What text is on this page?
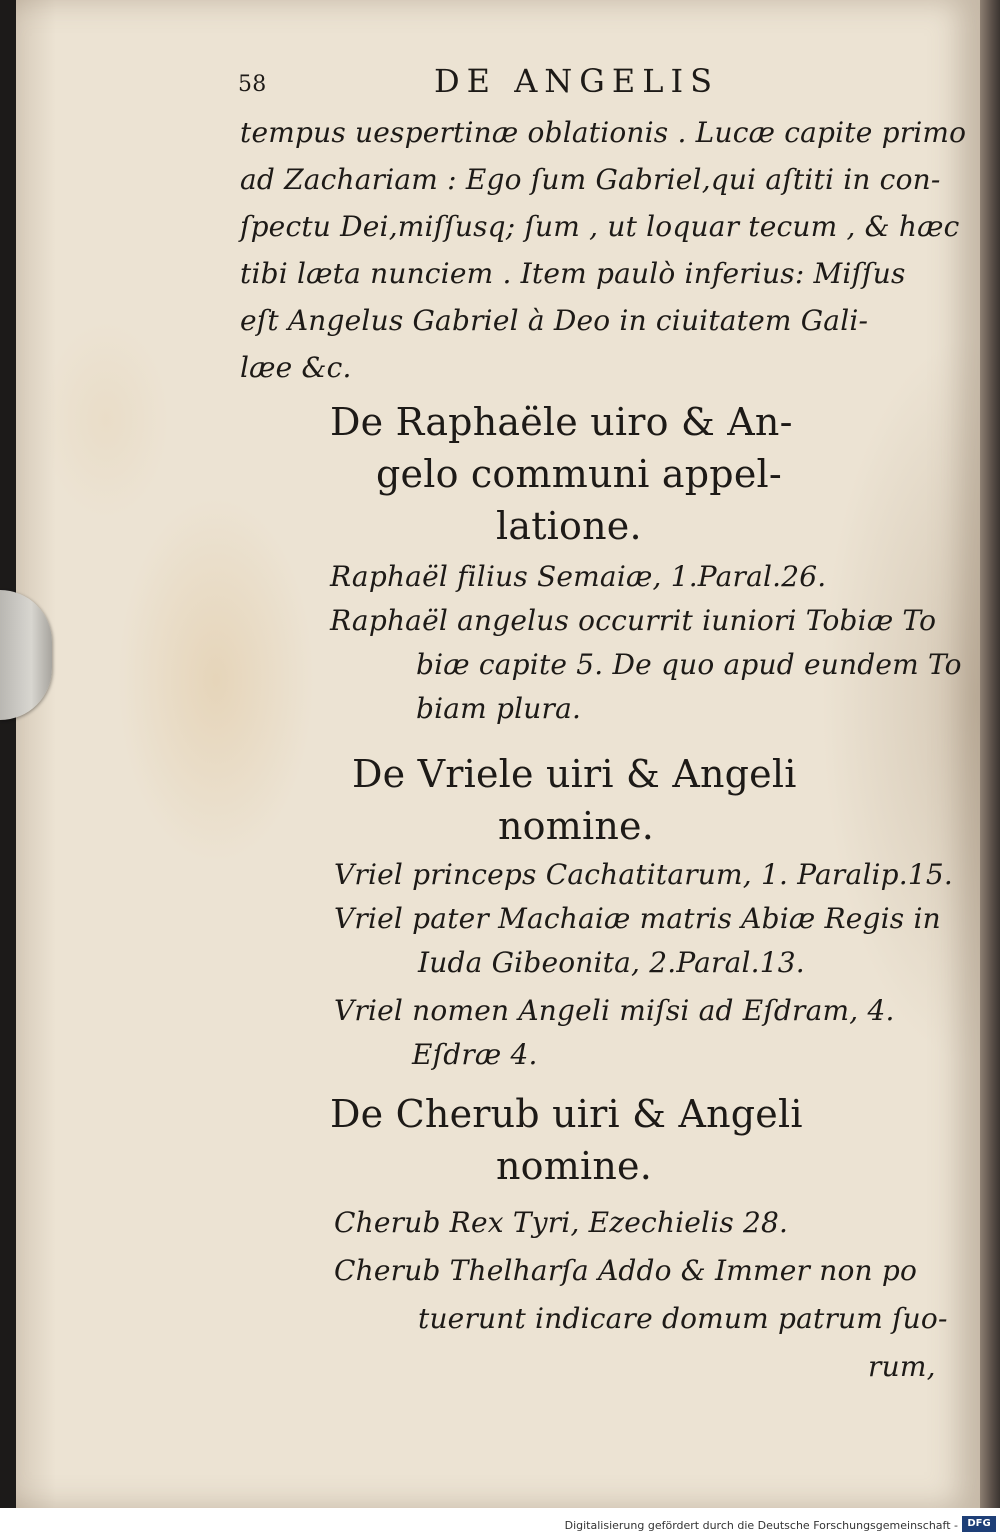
58	DE ANGELIS
tempus uespertinæ oblationis . Lucæ capite primo
ad Zachariam : Ego ſum Gabriel,qui aſtiti in con-
ſpectu Dei,miſſusq; ſum , ut loquar tecum , & hæc
tibi læta nunciem . Item paulò inferius: Miſſus
eſt Angelus Gabriel à Deo in ciuitatem Gali-
læe &c.
De Raphaële uiro & An-
gelo communi appel-
latione.
Raphaël filius Semaiæ, 1.Paral.26.
Raphaël angelus occurrit iuniori Tobiæ To
biæ capite 5. De quo apud eundem To
biam plura.
De Vriele uiri & Angeli
nomine.
Vriel princeps Cachatitarum, 1. Paralip.15.
Vriel pater Machaiæ matris Abiæ Regis in
Iuda Gibeonita, 2.Paral.13.
Vriel nomen Angeli miſsi ad Eſdram, 4.
Eſdræ 4.
De Cherub uiri & Angeli
nomine.
Cherub Rex Tyri, Ezechielis 28.
Cherub Thelharſa Addo & Immer non po
tuerunt indicare domum patrum ſuo-
rum,
Digitalisierung gefördert durch die Deutsche Forschungsgemeinschaft - DFG
